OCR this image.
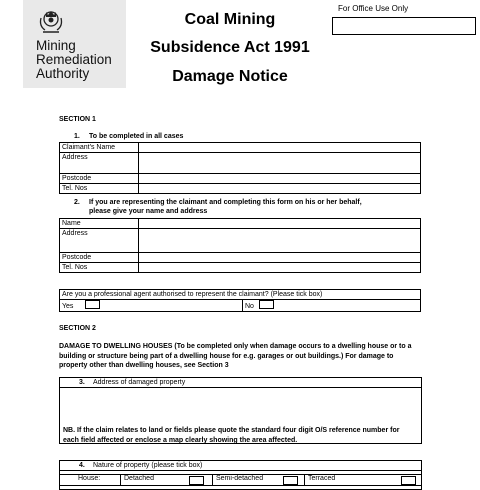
Mining
Remediation
Authority
Coal Mining
Subsidence Act 1991
Damage Notice
For Office Use Only
SECTION 1
1. To be completed in all cases
Claimant's Name	
Address	
Postcode	
Tel. Nos	
2. If you are representing the claimant and completing this form on his or her behalf,
please give your name and address
Name	
Address	
Postcode	
Tel. Nos	
Are you a professional agent authorised to represent the claimant? (Please tick box)
Yes	No
SECTION 2
DAMAGE TO DWELLING HOUSES (To be completed only when damage occurs to a dwelling house or to a building or structure being part of a dwelling house for e.g. garages or out buildings.) For damage to property other than dwelling houses, see Section 3
3. Address of damaged property
NB. If the claim relates to land or fields please quote the standard four digit O/S reference number for each field affected or enclose a map clearly showing the area affected.
4. Nature of property (please tick box)
House:	Detached	Semi-detached	Terraced
